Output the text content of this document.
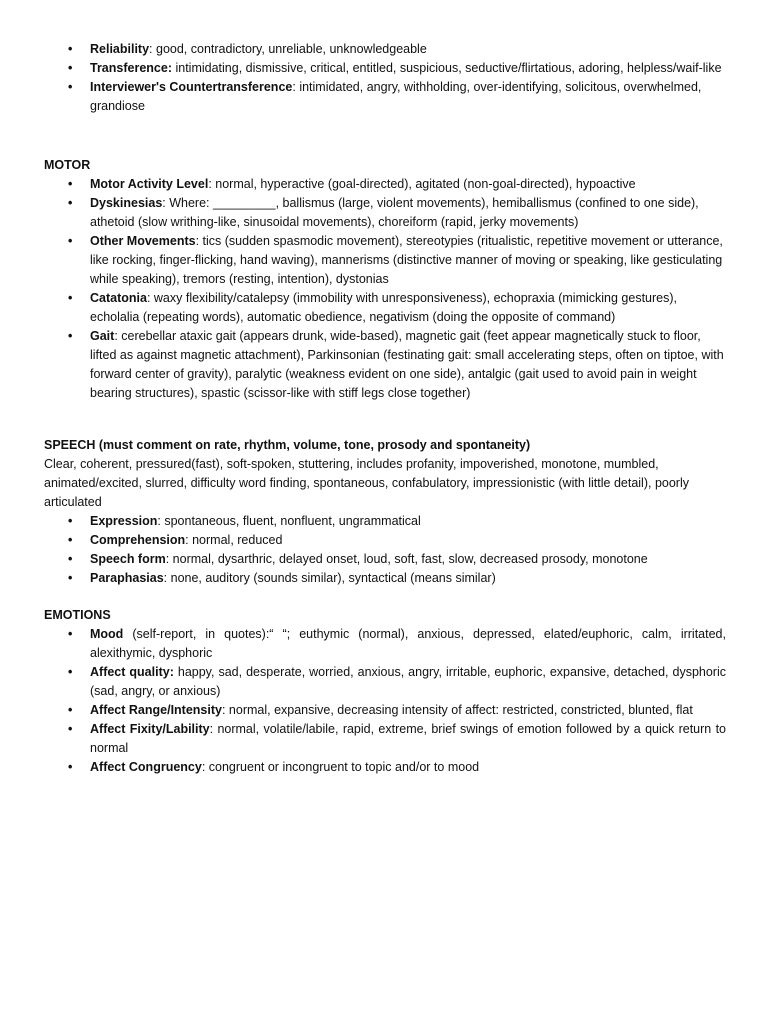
• Reliability: good, contradictory, unreliable, unknowledgeable
• Transference: intimidating, dismissive, critical, entitled, suspicious, seductive/flirtatious, adoring, helpless/waif-like
• Interviewer's Countertransference: intimidated, angry, withholding, over-identifying, solicitous, overwhelmed, grandiose

MOTOR

• Motor Activity Level: normal, hyperactive (goal-directed), agitated (non-goal-directed), hypoactive
• Dyskinesias: Where: _________, ballismus (large, violent movements), hemiballismus (confined to one side), athetoid (slow writhing-like, sinusoidal movements), choreiform (rapid, jerky movements)
• Other Movements: tics (sudden spasmodic movement), stereotypies (ritualistic, repetitive movement or utterance, like rocking, finger-flicking, hand waving), mannerisms (distinctive manner of moving or speaking, like gesticulating while speaking), tremors (resting, intention), dystonias
• Catatonia: waxy flexibility/catalepsy (immobility with unresponsiveness), echopraxia (mimicking gestures), echolalia (repeating words), automatic obedience, negativism (doing the opposite of command)
• Gait: cerebellar ataxic gait (appears drunk, wide-based), magnetic gait (feet appear magnetically stuck to floor, lifted as against magnetic attachment), Parkinsonian (festinating gait: small accelerating steps, often on tiptoe, with forward center of gravity), paralytic (weakness evident on one side), antalgic (gait used to avoid pain in weight bearing structures), spastic (scissor-like with stiff legs close together)

SPEECH (must comment on rate, rhythm, volume, tone, prosody and spontaneity)

Clear, coherent, pressured(fast), soft-spoken, stuttering, includes profanity, impoverished, monotone, mumbled, animated/excited, slurred, difficulty word finding, spontaneous, confabulatory, impressionistic (with little detail), poorly articulated

• Expression: spontaneous, fluent, nonfluent, ungrammatical
• Comprehension: normal, reduced
• Speech form: normal, dysarthric, delayed onset, loud, soft, fast, slow, decreased prosody, monotone
• Paraphasias: none, auditory (sounds similar), syntactical (means similar)

EMOTIONS

• Mood (self-report, in quotes):“ “; euthymic (normal), anxious, depressed, elated/euphoric, calm, irritated, alexithymic, dysphoric
• Affect quality: happy, sad, desperate, worried, anxious, angry, irritable, euphoric, expansive, detached, dysphoric (sad, angry, or anxious)
• Affect Range/Intensity: normal, expansive, decreasing intensity of affect: restricted, constricted, blunted, flat
• Affect Fixity/Lability: normal, volatile/labile, rapid, extreme, brief swings of emotion followed by a quick return to normal
• Affect Congruency: congruent or incongruent to topic and/or to mood
